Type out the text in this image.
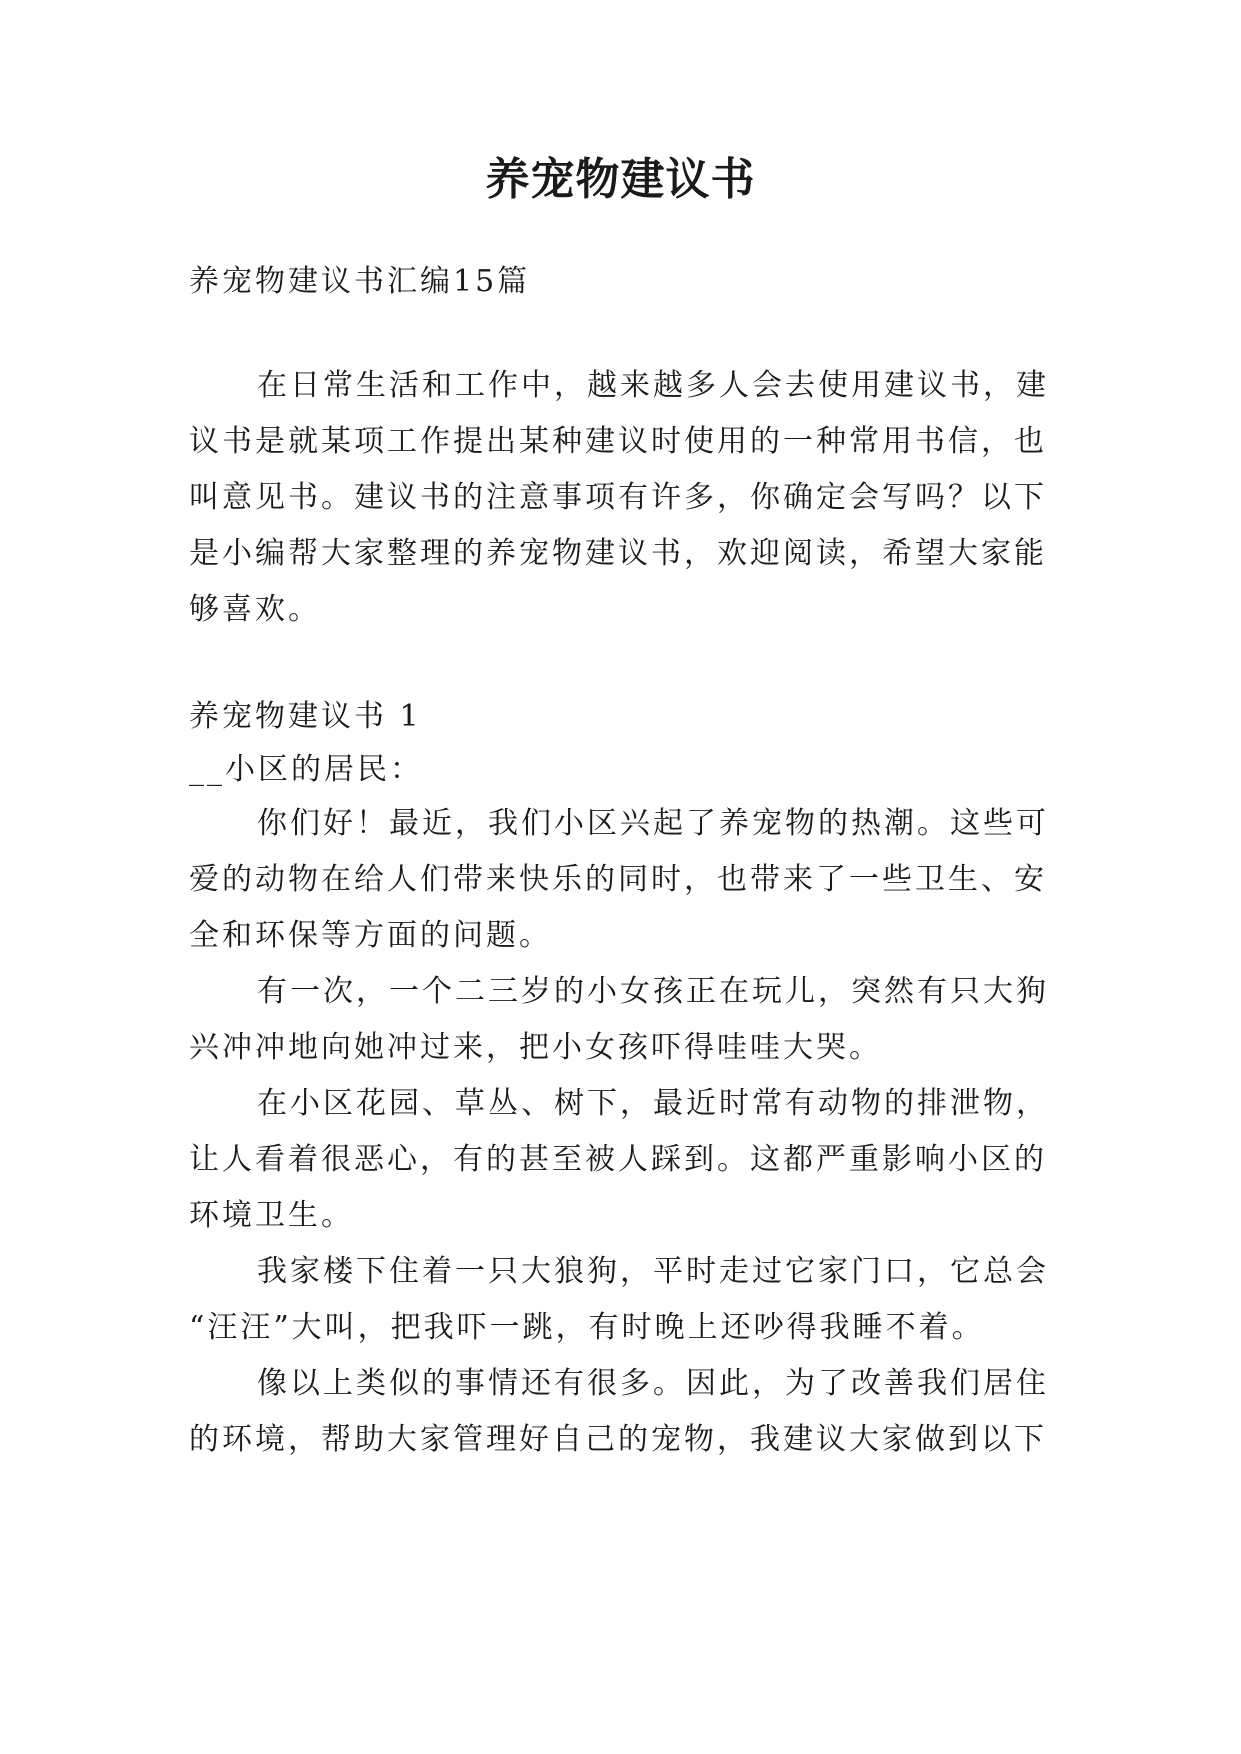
养宠物建议书
养宠物建议书汇编15篇
在日常生活和工作中，越来越多人会去使用建议书，建
议书是就某项工作提出某种建议时使用的一种常用书信，也
叫意见书。建议书的注意事项有许多，你确定会写吗？以下
是小编帮大家整理的养宠物建议书，欢迎阅读，希望大家能
够喜欢。
养宠物建议书 1
__小区的居民：
你们好！最近，我们小区兴起了养宠物的热潮。这些可
爱的动物在给人们带来快乐的同时，也带来了一些卫生、安
全和环保等方面的问题。
有一次，一个二三岁的小女孩正在玩儿，突然有只大狗
兴冲冲地向她冲过来，把小女孩吓得哇哇大哭。
在小区花园、草丛、树下，最近时常有动物的排泄物，
让人看着很恶心，有的甚至被人踩到。这都严重影响小区的
环境卫生。
我家楼下住着一只大狼狗，平时走过它家门口，它总会
“汪汪”大叫，把我吓一跳，有时晚上还吵得我睡不着。
像以上类似的事情还有很多。因此，为了改善我们居住
的环境，帮助大家管理好自己的宠物，我建议大家做到以下
